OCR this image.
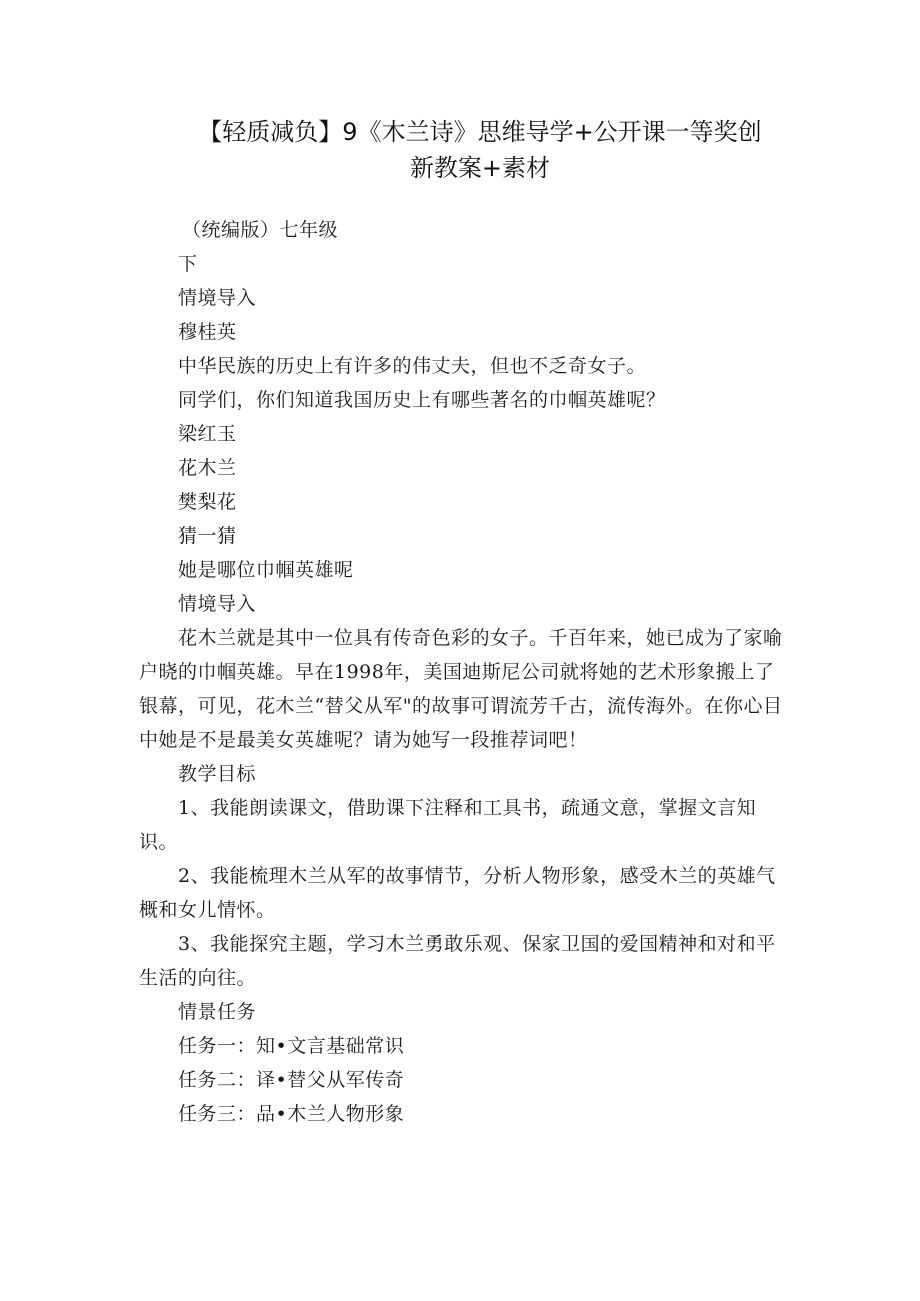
【轻质减负】9《木兰诗》思维导学+公开课一等奖创
新教案+素材
（统编版）七年级
下
情境导入
穆桂英
中华民族的历史上有许多的伟丈夫，但也不乏奇女子。
同学们，你们知道我国历史上有哪些著名的巾帼英雄呢？
梁红玉
花木兰
樊梨花
猜一猜
她是哪位巾帼英雄呢
情境导入
花木兰就是其中一位具有传奇色彩的女子。千百年来，她已成为了家喻户晓的巾帼英雄。早在1998年，美国迪斯尼公司就将她的艺术形象搬上了银幕，可见，花木兰“替父从军"的故事可谓流芳千古，流传海外。在你心目中她是不是最美女英雄呢？请为她写一段推荐词吧！
教学目标
1、我能朗读课文，借助课下注释和工具书，疏通文意，掌握文言知识。
2、我能梳理木兰从军的故事情节，分析人物形象，感受木兰的英雄气概和女儿情怀。
3、我能探究主题，学习木兰勇敢乐观、保家卫国的爱国精神和对和平生活的向往。
情景任务
任务一：知•文言基础常识
任务二：译•替父从军传奇
任务三：品•木兰人物形象
